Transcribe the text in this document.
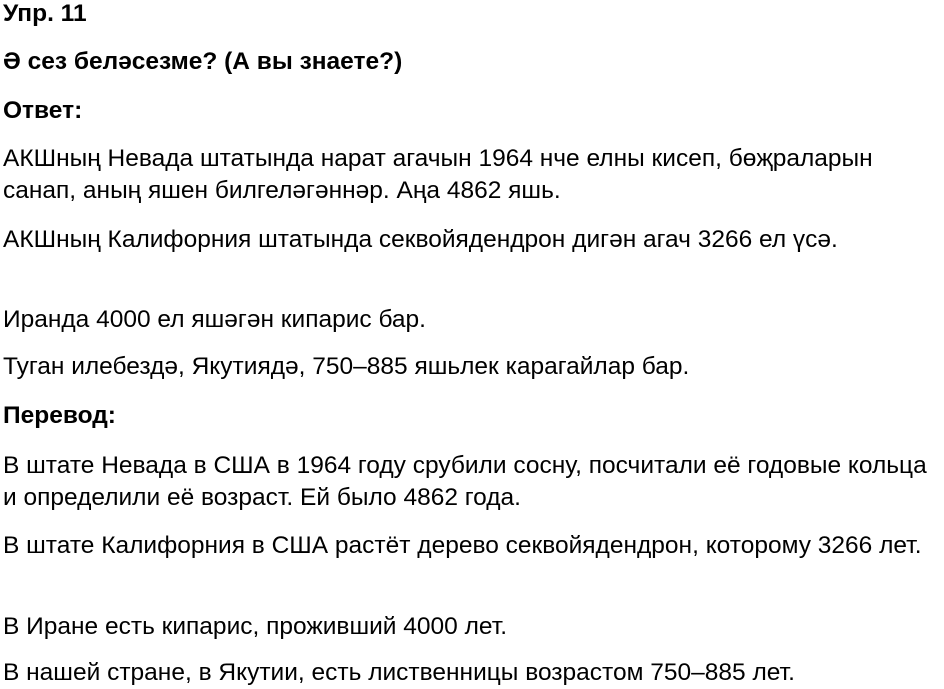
Упр. 11
Ә сез беләсезме? (А вы знаете?)
Ответ:
АКШның Невада штатында нарат агачын 1964 нче елны кисеп, бөҗраларын санап, аның яшен билгеләгәннәр. Аңа 4862 яшь.
АКШның Калифорния штатында секвойядендрон дигән агач 3266 ел үсә.
Иранда 4000 ел яшәгән кипарис бар.
Туган илебездә, Якутиядә, 750–885 яшьлек карагайлар бар.
Перевод:
В штате Невада в США в 1964 году срубили сосну, посчитали её годовые кольца и определили её возраст. Ей было 4862 года.
В штате Калифорния в США растёт дерево секвойядендрон, которому 3266 лет.
В Иране есть кипарис, проживший 4000 лет.
В нашей стране, в Якутии, есть лиственницы возрастом 750–885 лет.
